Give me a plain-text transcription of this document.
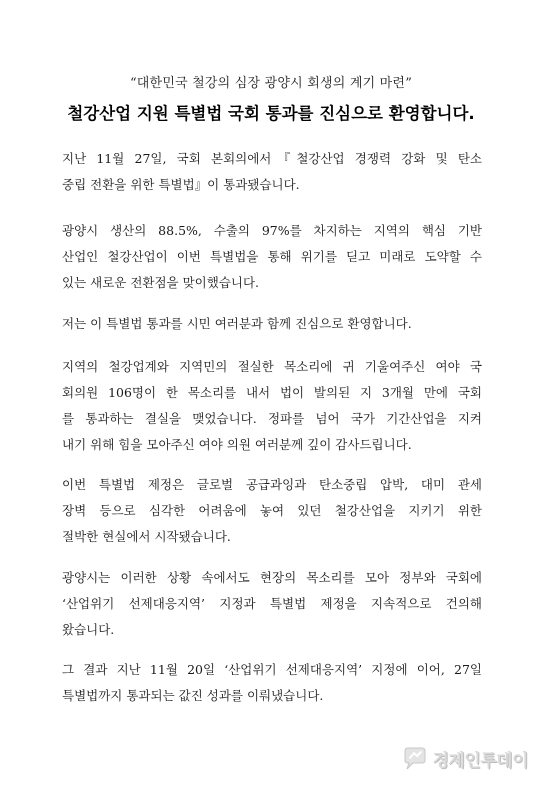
“대한민국 철강의 심장 광양시 회생의 계기 마련”
철강산업 지원 특별법 국회 통과를 진심으로 환영합니다.
지난 11월 27일, 국회 본회의에서『철강산업 경쟁력 강화 및 탄소
중립 전환을 위한 특별법』이 통과됐습니다.
광양시 생산의 88.5%, 수출의 97%를 차지하는 지역의 핵심 기반
산업인 철강산업이 이번 특별법을 통해 위기를 딛고 미래로 도약할 수
있는 새로운 전환점을 맞이했습니다.
저는 이 특별법 통과를 시민 여러분과 함께 진심으로 환영합니다.
지역의 철강업계와 지역민의 절실한 목소리에 귀 기울여주신 여야 국
회의원 106명이 한 목소리를 내서 법이 발의된 지 3개월 만에 국회
를 통과하는 결실을 맺었습니다. 정파를 넘어 국가 기간산업을 지켜
내기 위해 힘을 모아주신 여야 의원 여러분께 깊이 감사드립니다.
이번 특별법 제정은 글로벌 공급과잉과 탄소중립 압박, 대미 관세
장벽 등으로 심각한 어려움에 놓여 있던 철강산업을 지키기 위한
절박한 현실에서 시작됐습니다.
광양시는 이러한 상황 속에서도 현장의 목소리를 모아 정부와 국회에
‘산업위기 선제대응지역’ 지정과 특별법 제정을 지속적으로 건의해
왔습니다.
그 결과 지난 11월 20일 ‘산업위기 선제대응지역’ 지정에 이어, 27일
특별법까지 통과되는 값진 성과를 이뤄냈습니다.
경제인투데이
